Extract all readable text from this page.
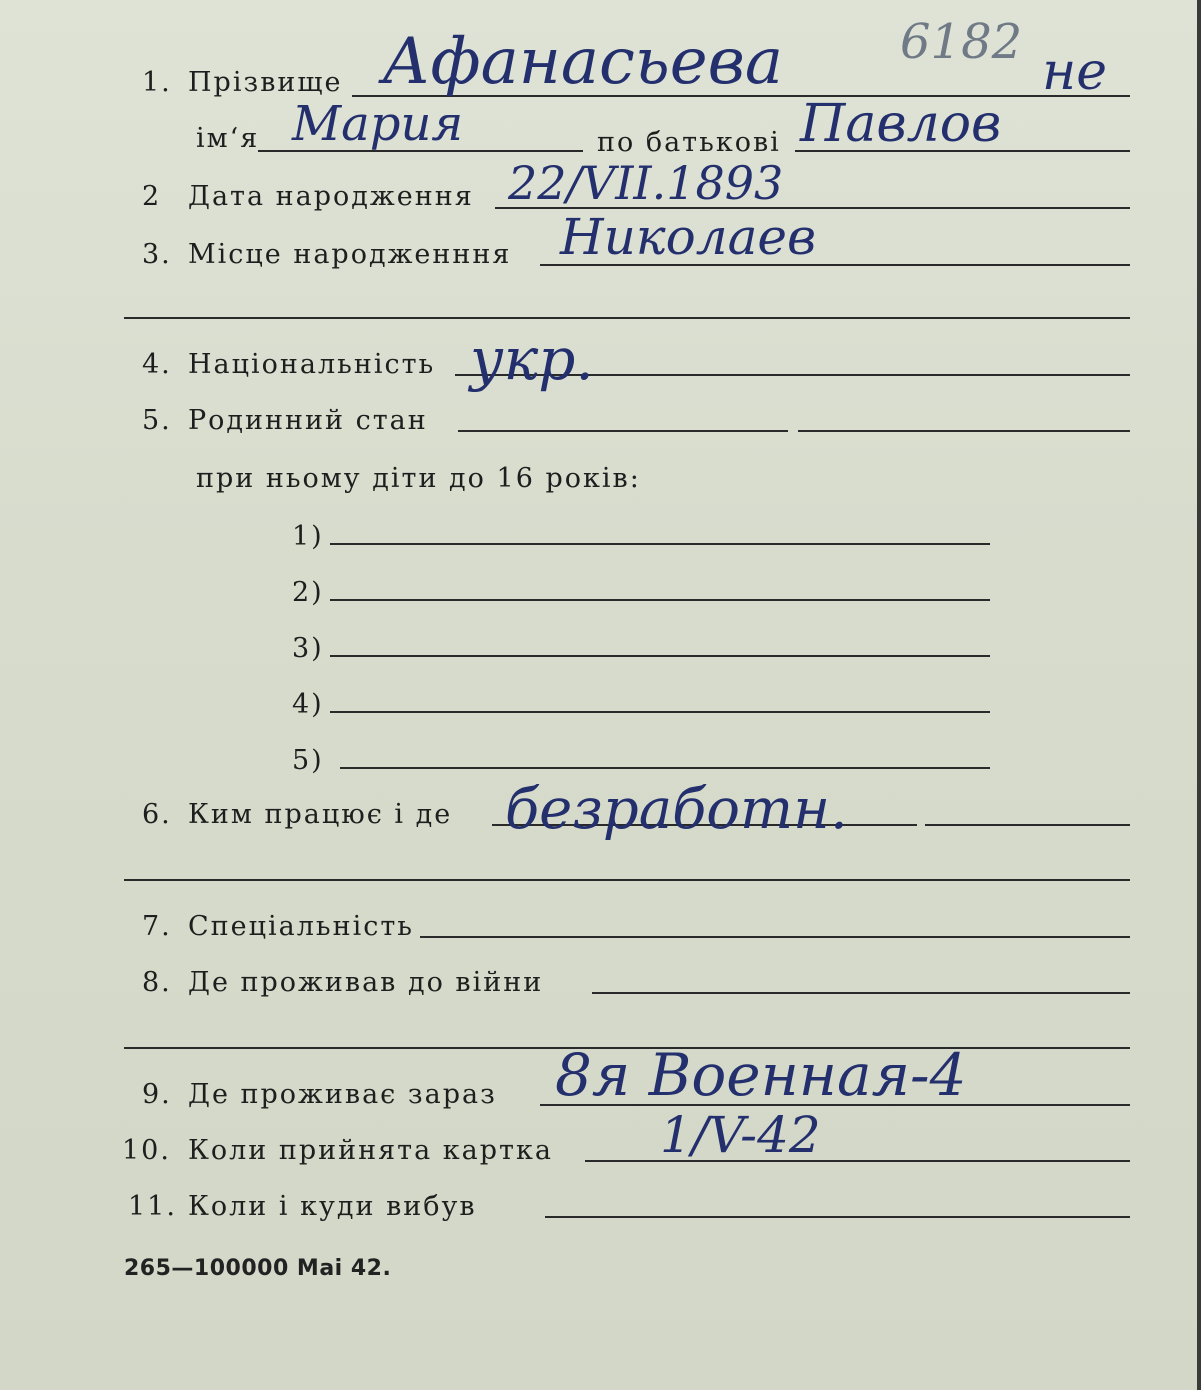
1. Прізвище Афанасьева 6182 не
ім‘я Мария	по батькові Павлов
2 Дата народження 22/VII.1893
3. Місце народженння Николаев
4. Національність укр.
5. Родинний стан
при ньому діти до 16 років:
1)
2)
3)
4)
5)
6. Ким працює і де безработн.
7. Спеціальність
8. Де проживав до війни
9. Де проживає зараз 8я Военная-4
10. Коли прийнята картка 1/V-42
11. Коли і куди вибув
265—100000 Mai 42.
